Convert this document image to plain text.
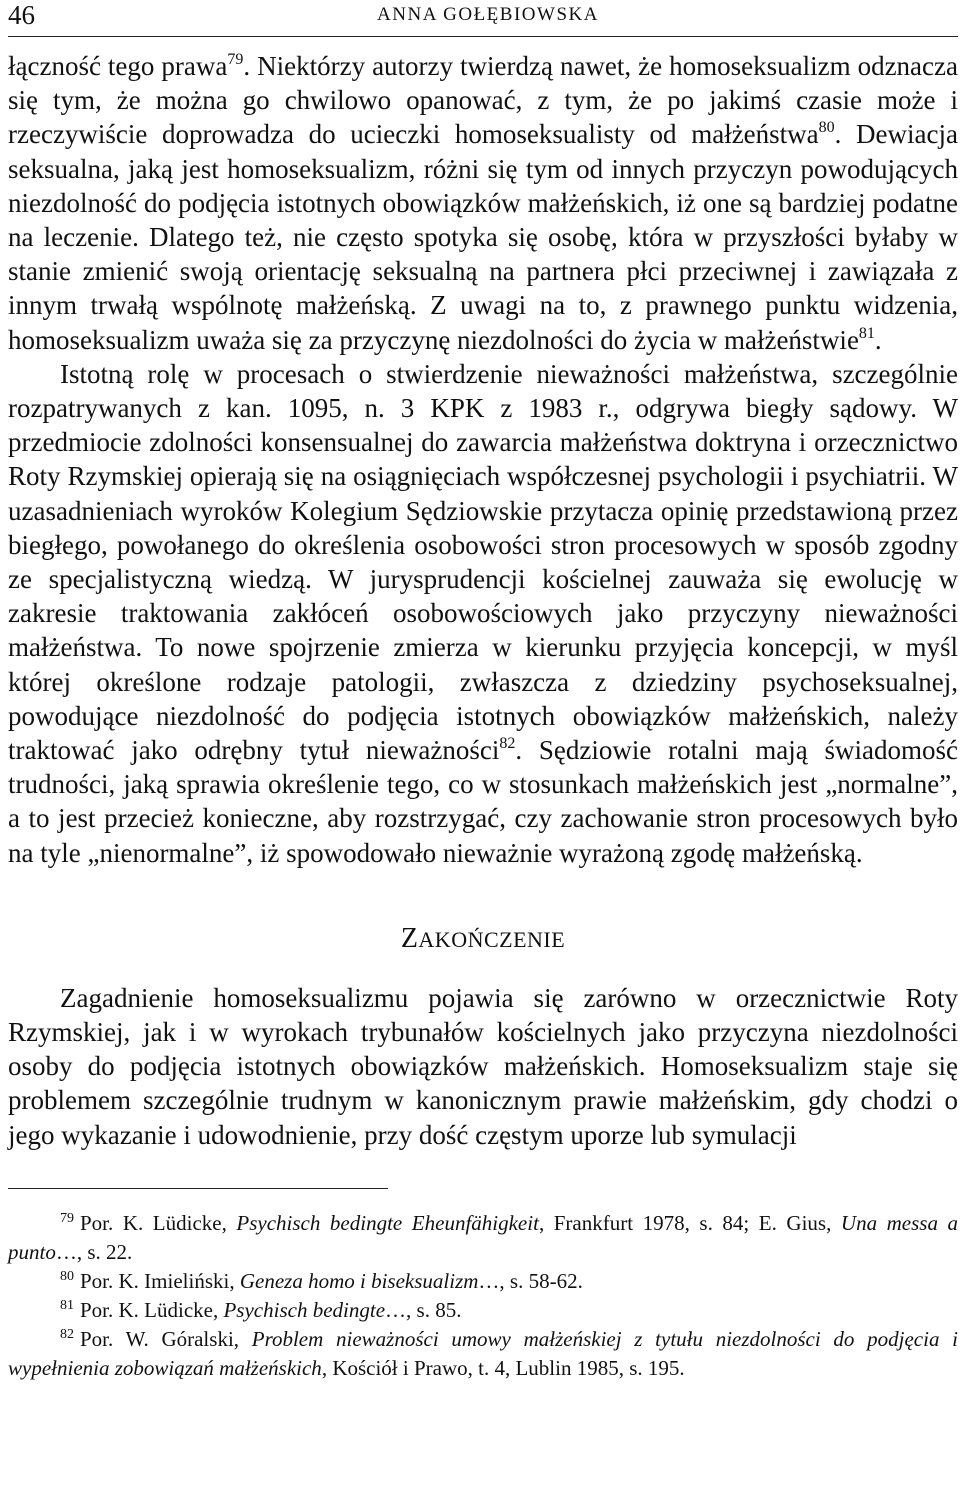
46	ANNA GOŁĘBIOWSKA

łączność tego prawa$^{79}$. Niektórzy autorzy twierdzą nawet, że homoseksualizm odznacza się tym, że można go chwilowo opanować, z tym, że po jakimś czasie może i rzeczywiście doprowadza do ucieczki homoseksualisty od małżeństwa$^{80}$. Dewiacja seksualna, jaką jest homoseksualizm, różni się tym od innych przyczyn powodujących niezdolność do podjęcia istotnych obowiązków małżeńskich, iż one są bardziej podatne na leczenie. Dlatego też, nie często spotyka się osobę, która w przyszłości byłaby w stanie zmienić swoją orientację seksualną na partnera płci przeciwnej i zawiązała z innym trwałą wspólnotę małżeńską. Z uwagi na to, z prawnego punktu widzenia, homoseksualizm uważa się za przyczynę niezdolności do życia w małżeństwie$^{81}$.

Istotną rolę w procesach o stwierdzenie nieważności małżeństwa, szczególnie rozpatrywanych z kan. 1095, n. 3 KPK z 1983 r., odgrywa biegły sądowy. W przedmiocie zdolności konsensualnej do zawarcia małżeństwa doktryna i orzecznictwo Roty Rzymskiej opierają się na osiągnięciach współczesnej psychologii i psychiatrii. W uzasadnieniach wyroków Kolegium Sędziowskie przytacza opinię przedstawioną przez biegłego, powołanego do określenia osobowości stron procesowych w sposób zgodny ze specjalistyczną wiedzą. W jurysprudencji kościelnej zauważa się ewolucję w zakresie traktowania zakłóceń osobowościowych jako przyczyny nieważności małżeństwa. To nowe spojrzenie zmierza w kierunku przyjęcia koncepcji, w myśl której określone rodzaje patologii, zwłaszcza z dziedziny psychoseksualnej, powodujące niezdolność do podjęcia istotnych obowiązków małżeńskich, należy traktować jako odrębny tytuł nieważności$^{82}$. Sędziowie rotalni mają świadomość trudności, jaką sprawia określenie tego, co w stosunkach małżeńskich jest „normalne”, a to jest przecież konieczne, aby rozstrzygać, czy zachowanie stron procesowych było na tyle „nienormalne”, iż spowodowało nieważnie wyrażoną zgodę małżeńską.

ZAKOŃCZENIE

Zagadnienie homoseksualizmu pojawia się zarówno w orzecznictwie Roty Rzymskiej, jak i w wyrokach trybunałów kościelnych jako przyczyna niezdolności osoby do podjęcia istotnych obowiązków małżeńskich. Homoseksualizm staje się problemem szczególnie trudnym w kanonicznym prawie małżeńskim, gdy chodzi o jego wykazanie i udowodnienie, przy dość częstym uporze lub symulacji

$^{79}$ Por. K. Lüdicke, Psychisch bedingte Eheunfähigkeit, Frankfurt 1978, s. 84; E. Gius, Una messa a punto…, s. 22.

$^{80}$ Por. K. Imieliński, Geneza homo i biseksualizm…, s. 58-62.

$^{81}$ Por. K. Lüdicke, Psychisch bedingte…, s. 85.

$^{82}$ Por. W. Góralski, Problem nieważności umowy małżeńskiej z tytułu niezdolności do podjęcia i wypełnienia zobowiązań małżeńskich, Kościół i Prawo, t. 4, Lublin 1985, s. 195.
